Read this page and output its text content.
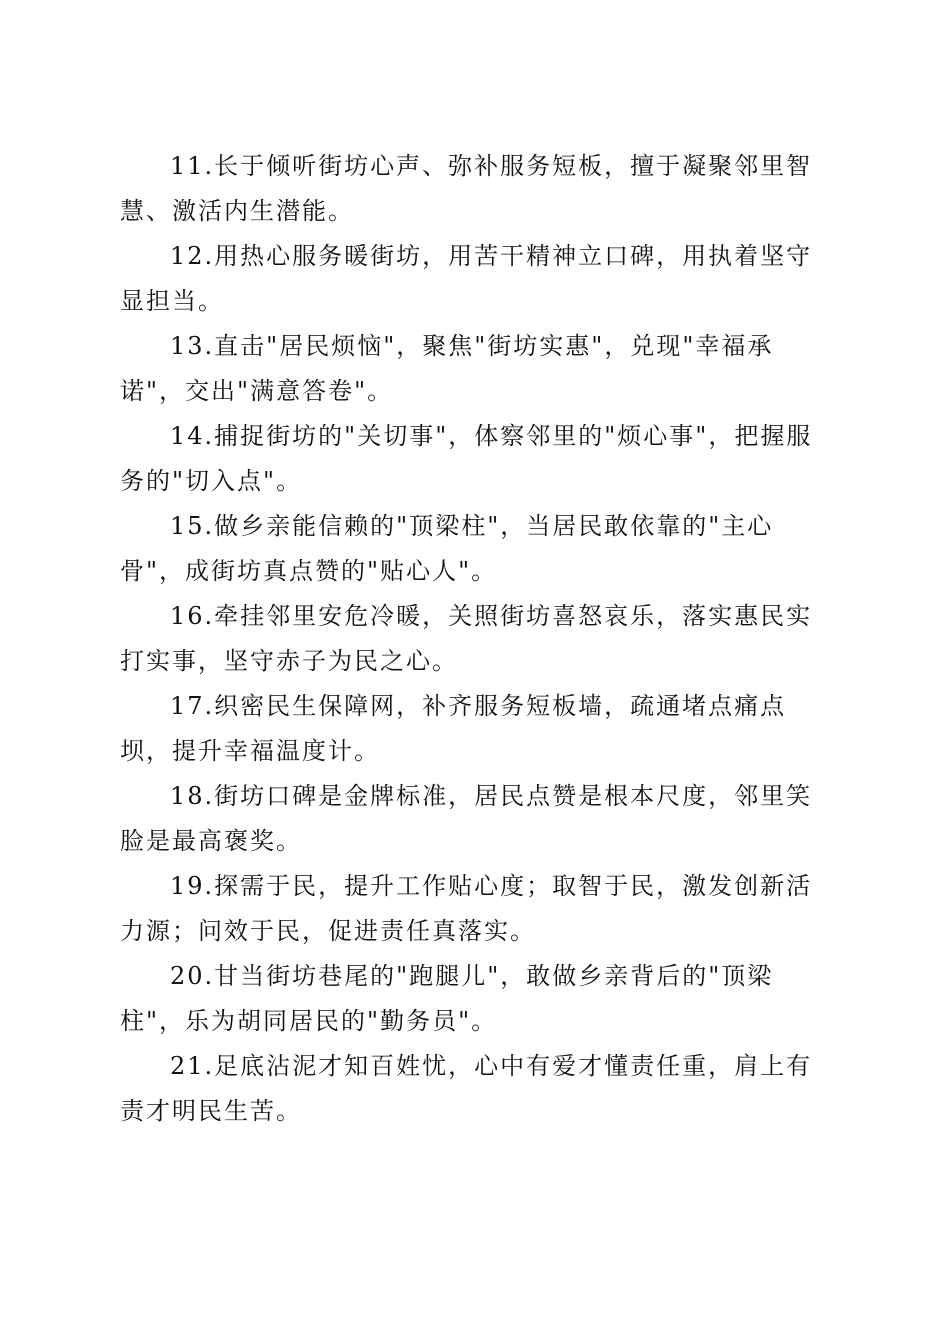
11.长于倾听街坊心声、弥补服务短板，擅于凝聚邻里智慧、激活内生潜能。

12.用热心服务暖街坊，用苦干精神立口碑，用执着坚守显担当。

13.直击"居民烦恼"，聚焦"街坊实惠"，兑现"幸福承诺"，交出"满意答卷"。

14.捕捉街坊的"关切事"，体察邻里的"烦心事"，把握服务的"切入点"。

15.做乡亲能信赖的"顶梁柱"，当居民敢依靠的"主心骨"，成街坊真点赞的"贴心人"。

16.牵挂邻里安危冷暖，关照街坊喜怒哀乐，落实惠民实打实事，坚守赤子为民之心。

17.织密民生保障网，补齐服务短板墙，疏通堵点痛点坝，提升幸福温度计。

18.街坊口碑是金牌标准，居民点赞是根本尺度，邻里笑脸是最高褒奖。

19.探需于民，提升工作贴心度；取智于民，激发创新活力源；问效于民，促进责任真落实。

20.甘当街坊巷尾的"跑腿儿"，敢做乡亲背后的"顶梁柱"，乐为胡同居民的"勤务员"。

21.足底沾泥才知百姓忧，心中有爱才懂责任重，肩上有责才明民生苦。
